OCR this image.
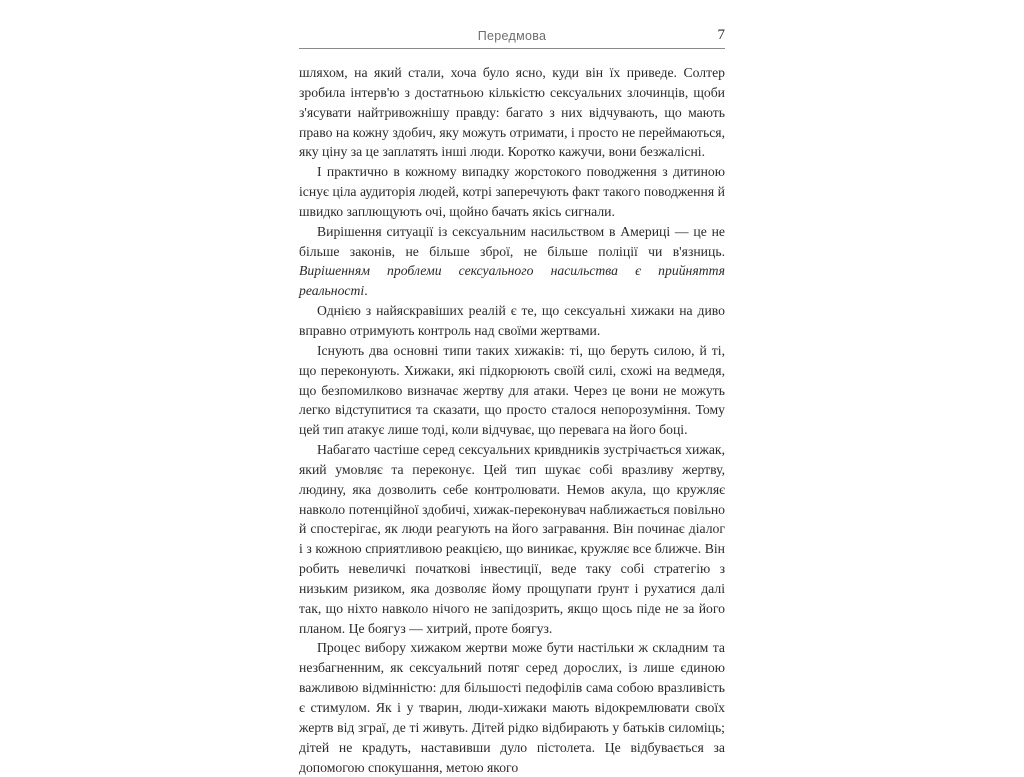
Передмова	7

шляхом, на який стали, хоча було ясно, куди він їх приведе. Солтер зробила інтерв'ю з достатньою кількістю сексуальних злочинців, щоби з'ясувати найтривожнішу правду: багато з них відчувають, що мають право на кожну здобич, яку можуть отримати, і просто не переймаються, яку ціну за це заплатять інші люди. Коротко кажучи, вони безжалісні.

І практично в кожному випадку жорстокого поводження з дитиною існує ціла аудиторія людей, котрі заперечують факт такого поводження й швидко заплющують очі, щойно бачать якісь сигнали.

Вирішення ситуації із сексуальним насильством в Америці — це не більше законів, не більше зброї, не більше поліції чи в'язниць. Вирішенням проблеми сексуального насильства є прийняття реальності.

Однією з найяскравіших реалій є те, що сексуальні хижаки на диво вправно отримують контроль над своїми жертвами.

Існують два основні типи таких хижаків: ті, що беруть силою, й ті, що переконують. Хижаки, які підкорюють своїй силі, схожі на ведмедя, що безпомилково визначає жертву для атаки. Через це вони не можуть легко відступитися та сказати, що просто сталося непорозуміння. Тому цей тип атакує лише тоді, коли відчуває, що перевага на його боці.

Набагато частіше серед сексуальних кривдників зустрічається хижак, який умовляє та переконує. Цей тип шукає собі вразливу жертву, людину, яка дозволить себе контролювати. Немов акула, що кружляє навколо потенційної здобичі, хижак-переконувач наближається повільно й спостерігає, як люди реагують на його загравання. Він починає діалог і з кожною сприятливою реакцією, що виникає, кружляє все ближче. Він робить невеличкі початкові інвестиції, веде таку собі стратегію з низьким ризиком, яка дозволяє йому прощупати ґрунт і рухатися далі так, що ніхто навколо нічого не запідозрить, якщо щось піде не за його планом. Це боягуз — хитрий, проте боягуз.

Процес вибору хижаком жертви може бути настільки ж складним та незбагненним, як сексуальний потяг серед дорослих, із лише єдиною важливою відмінністю: для більшості педофілів сама собою вразливість є стимулом. Як і у тварин, люди-хижаки мають відокремлювати своїх жертв від зграї, де ті живуть. Дітей рідко відбирають у батьків силоміць; дітей не крадуть, наставивши дуло пістолета. Це відбувається за допомогою спокушання, метою якого
